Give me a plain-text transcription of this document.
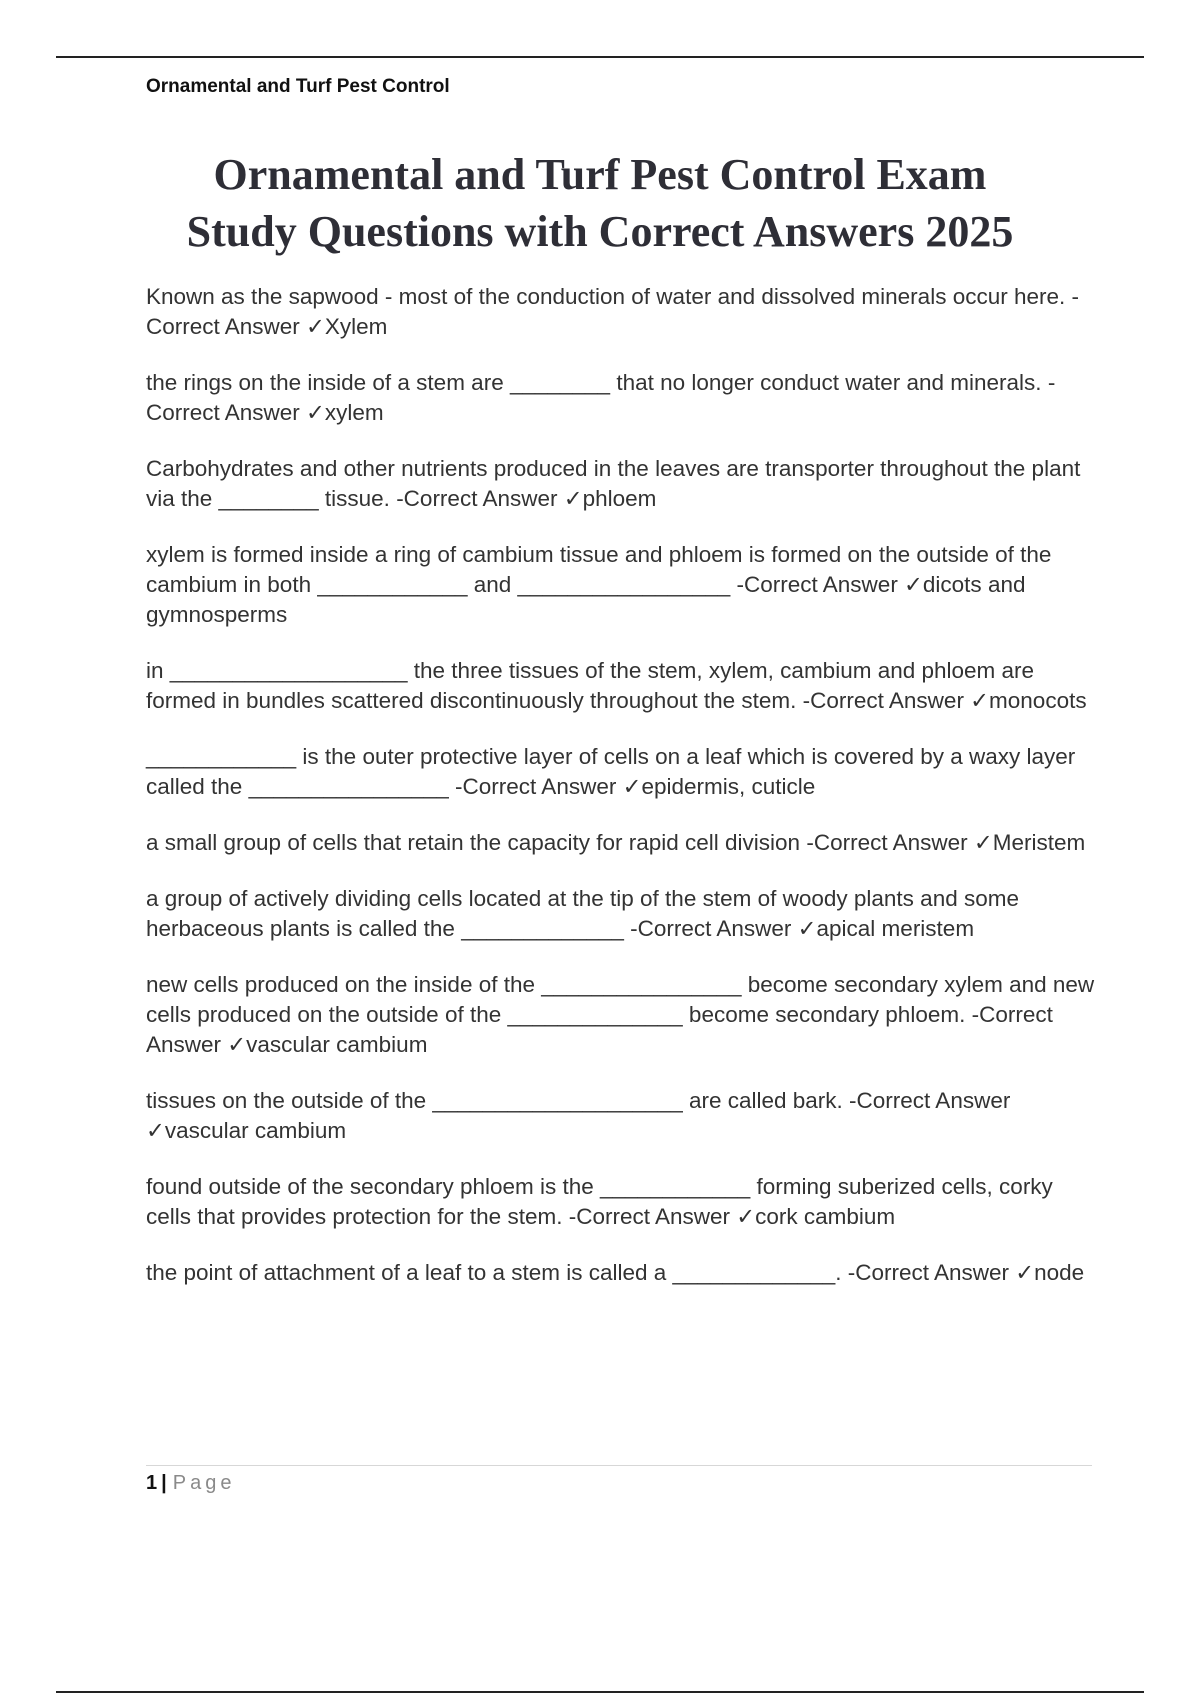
Ornamental and Turf Pest Control
Ornamental and Turf Pest Control Exam
Study Questions with Correct Answers 2025

Known as the sapwood - most of the conduction of water and dissolved minerals occur here. -Correct Answer ✓Xylem

the rings on the inside of a stem are ________ that no longer conduct water and minerals. -Correct Answer ✓xylem

Carbohydrates and other nutrients produced in the leaves are transporter throughout the plant via the ________ tissue. -Correct Answer ✓phloem

xylem is formed inside a ring of cambium tissue and phloem is formed on the outside of the cambium in both ____________ and _________________ -Correct Answer ✓dicots and gymnosperms

in ___________________ the three tissues of the stem, xylem, cambium and phloem are formed in bundles scattered discontinuously throughout the stem. -Correct Answer ✓monocots

____________ is the outer protective layer of cells on a leaf which is covered by a waxy layer called the ________________ -Correct Answer ✓epidermis, cuticle

a small group of cells that retain the capacity for rapid cell division -Correct Answer ✓Meristem

a group of actively dividing cells located at the tip of the stem of woody plants and some herbaceous plants is called the _____________ -Correct Answer ✓apical meristem

new cells produced on the inside of the ________________ become secondary xylem and new cells produced on the outside of the ______________ become secondary phloem. -Correct Answer ✓vascular cambium

tissues on the outside of the ____________________ are called bark. -Correct Answer ✓vascular cambium

found outside of the secondary phloem is the ____________ forming suberized cells, corky cells that provides protection for the stem. -Correct Answer ✓cork cambium

the point of attachment of a leaf to a stem is called a _____________. -Correct Answer ✓node

1 | Page
